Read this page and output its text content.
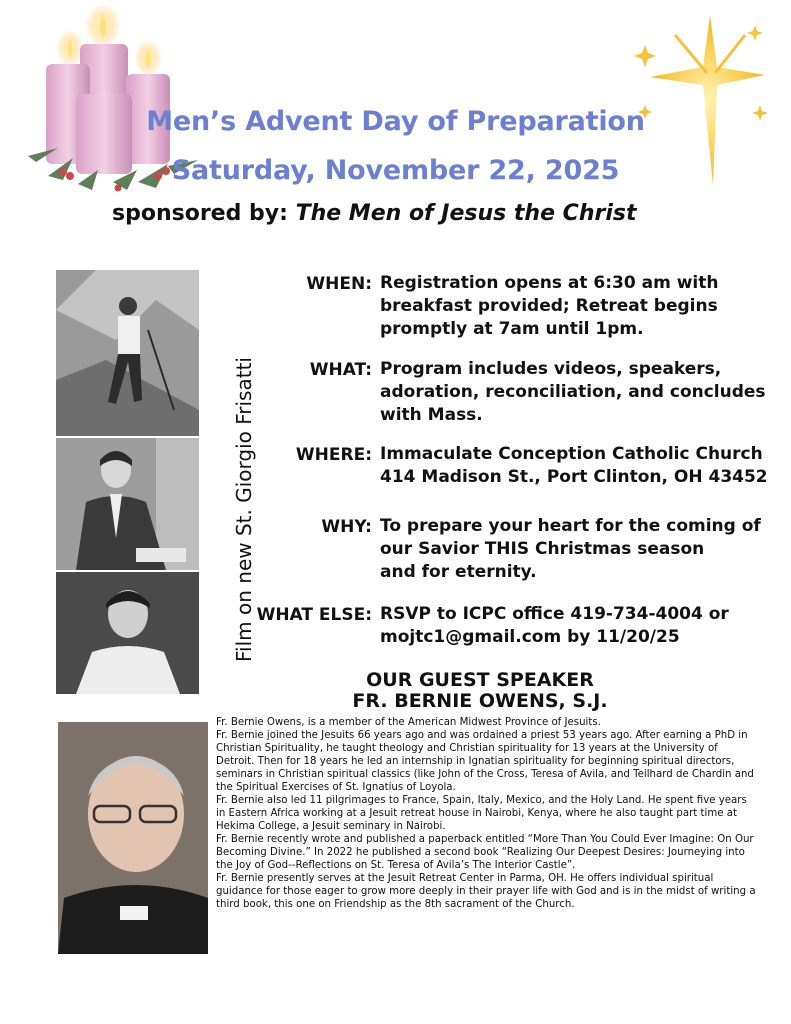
Men’s Advent Day of Preparation
Saturday, November 22, 2025
sponsored by: The Men of Jesus the Christ
Film on new St. Giorgio Frisatti
WHEN: Registration opens at 6:30 am with
breakfast provided; Retreat begins
promptly at 7am until 1pm.
WHAT: Program includes videos, speakers,
adoration, reconciliation, and concludes
with Mass.
WHERE: Immaculate Conception Catholic Church
414 Madison St., Port Clinton, OH 43452
WHY: To prepare your heart for the coming of
our Savior THIS Christmas season
and for eternity.
WHAT ELSE: RSVP to ICPC office 419-734-4004 or
mojtc1@gmail.com by 11/20/25
OUR GUEST SPEAKER
FR. BERNIE OWENS, S.J.

Fr. Bernie Owens, is a member of the American Midwest Province of Jesuits.

Fr. Bernie joined the Jesuits 66 years ago and was ordained a priest 53 years ago. After earning a PhD in Christian Spirituality, he taught theology and Christian spirituality for 13 years at the University of Detroit. Then for 18 years he led an internship in Ignatian spirituality for beginning spiritual directors, seminars in Christian spiritual classics (like John of the Cross, Teresa of Avila, and Teilhard de Chardin and the Spiritual Exercises of St. Ignatius of Loyola.

Fr. Bernie also led 11 pilgrimages to France, Spain, Italy, Mexico, and the Holy Land. He spent five years in Eastern Africa working at a Jesuit retreat house in Nairobi, Kenya, where he also taught part time at Hekima College, a Jesuit seminary in Nairobi.

Fr. Bernie recently wrote and published a paperback entitled “More Than You Could Ever Imagine: On Our Becoming Divine.” In 2022 he published a second book “Realizing Our Deepest Desires: Journeying into the Joy of God--Reflections on St. Teresa of Avila’s The Interior Castle”.

Fr. Bernie presently serves at the Jesuit Retreat Center in Parma, OH. He offers individual spiritual guidance for those eager to grow more deeply in their prayer life with God and is in the midst of writing a third book, this one on Friendship as the 8th sacrament of the Church.
